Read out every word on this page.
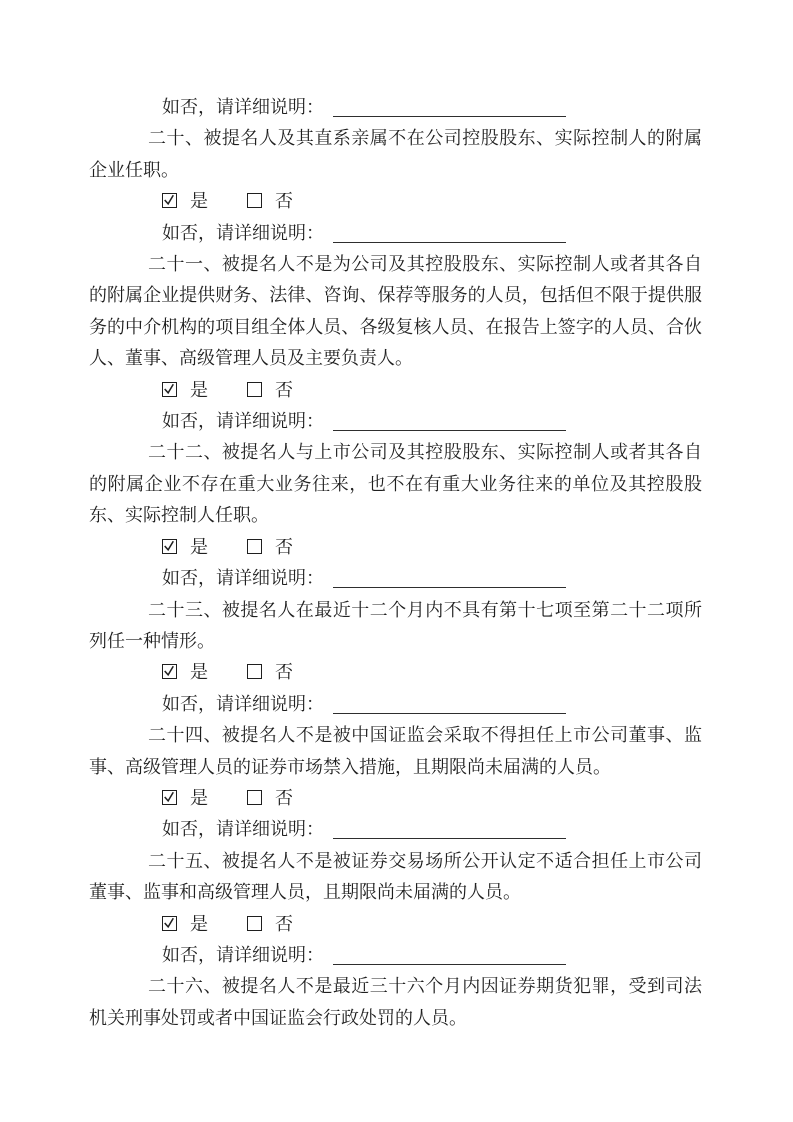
如否，请详细说明：

二十、被提名人及其直系亲属不在公司控股股东、实际控制人的附属企业任职。

是	否
如否，请详细说明：

二十一、被提名人不是为公司及其控股股东、实际控制人或者其各自的附属企业提供财务、法律、咨询、保荐等服务的人员，包括但不限于提供服务的中介机构的项目组全体人员、各级复核人员、在报告上签字的人员、合伙人、董事、高级管理人员及主要负责人。

是	否
如否，请详细说明：

二十二、被提名人与上市公司及其控股股东、实际控制人或者其各自的附属企业不存在重大业务往来，也不在有重大业务往来的单位及其控股股东、实际控制人任职。

是	否
如否，请详细说明：

二十三、被提名人在最近十二个月内不具有第十七项至第二十二项所列任一种情形。

是	否
如否，请详细说明：

二十四、被提名人不是被中国证监会采取不得担任上市公司董事、监事、高级管理人员的证券市场禁入措施，且期限尚未届满的人员。

是	否
如否，请详细说明：

二十五、被提名人不是被证券交易场所公开认定不适合担任上市公司董事、监事和高级管理人员，且期限尚未届满的人员。

是	否
如否，请详细说明：

二十六、被提名人不是最近三十六个月内因证券期货犯罪，受到司法机关刑事处罚或者中国证监会行政处罚的人员。
